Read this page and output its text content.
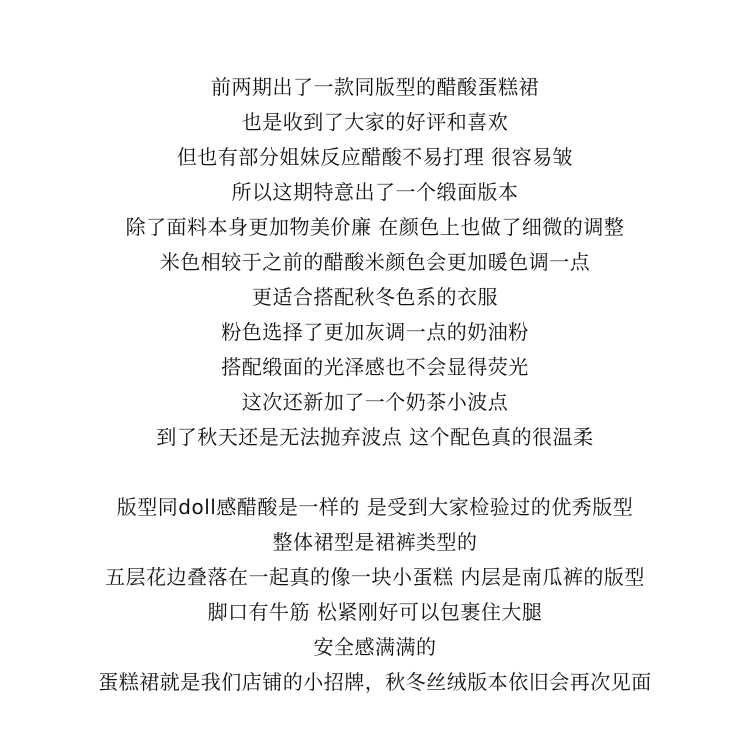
前两期出了一款同版型的醋酸蛋糕裙
也是收到了大家的好评和喜欢
但也有部分姐妹反应醋酸不易打理 很容易皱
所以这期特意出了一个缎面版本
除了面料本身更加物美价廉 在颜色上也做了细微的调整
米色相较于之前的醋酸米颜色会更加暖色调一点
更适合搭配秋冬色系的衣服
粉色选择了更加灰调一点的奶油粉
搭配缎面的光泽感也不会显得荧光
这次还新加了一个奶茶小波点
到了秋天还是无法抛弃波点 这个配色真的很温柔
版型同doll感醋酸是一样的 是受到大家检验过的优秀版型
整体裙型是裙裤类型的
五层花边叠落在一起真的像一块小蛋糕 内层是南瓜裤的版型
脚口有牛筋 松紧刚好可以包裹住大腿
安全感满满的
蛋糕裙就是我们店铺的小招牌，秋冬丝绒版本依旧会再次见面
